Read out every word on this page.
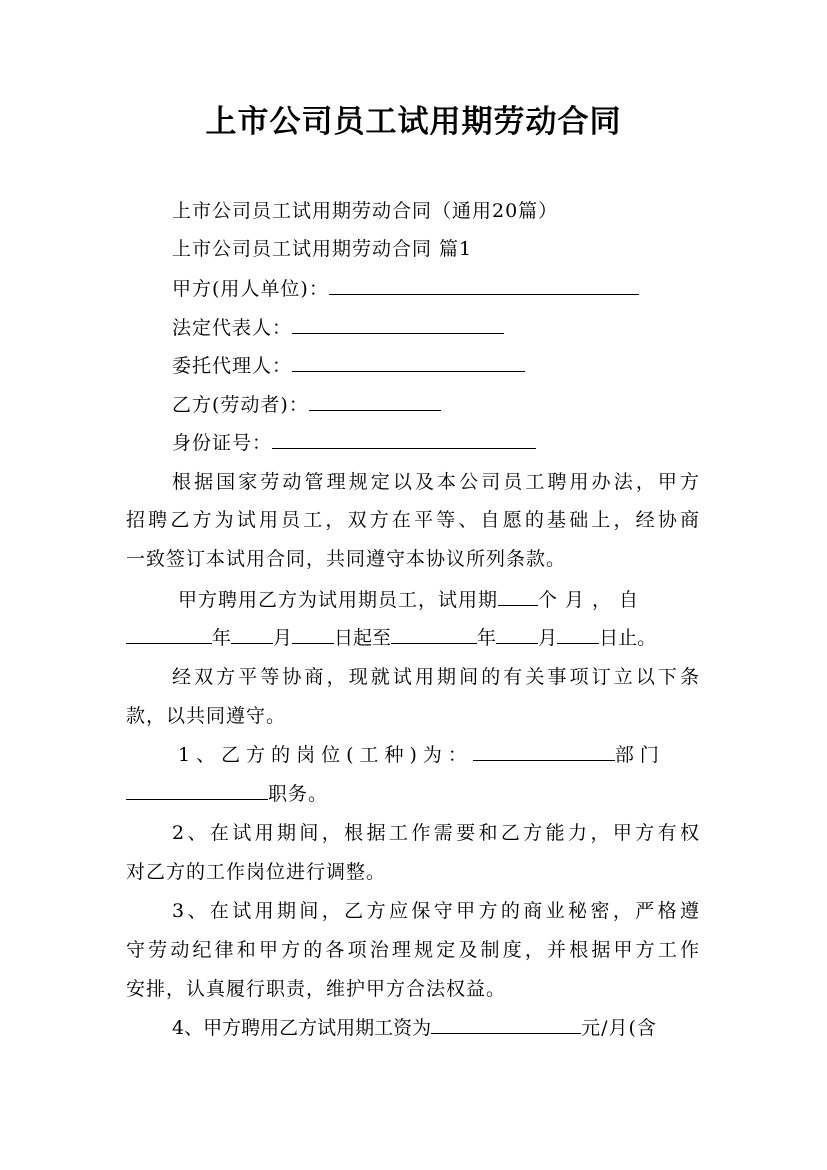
上市公司员工试用期劳动合同
上市公司员工试用期劳动合同（通用20篇）
上市公司员工试用期劳动合同 篇1
甲方(用人单位)：
法定代表人：
委托代理人：
乙方(劳动者)：
身份证号：
根据国家劳动管理规定以及本公司员工聘用办法，甲方
招聘乙方为试用员工，双方在平等、自愿的基础上，经协商
一致签订本试用合同，共同遵守本协议所列条款。
甲方聘用乙方为试用期员工，试用期 个月，自
年 月 日起至	年 月 日止。
经双方平等协商，现就试用期间的有关事项订立以下条
款，以共同遵守。
1、乙方的岗位(工种)为：	部门
职务。
2、在试用期间，根据工作需要和乙方能力，甲方有权
对乙方的工作岗位进行调整。
3、在试用期间，乙方应保守甲方的商业秘密，严格遵
守劳动纪律和甲方的各项治理规定及制度，并根据甲方工作
安排，认真履行职责，维护甲方合法权益。
4、甲方聘用乙方试用期工资为	元/月(含
